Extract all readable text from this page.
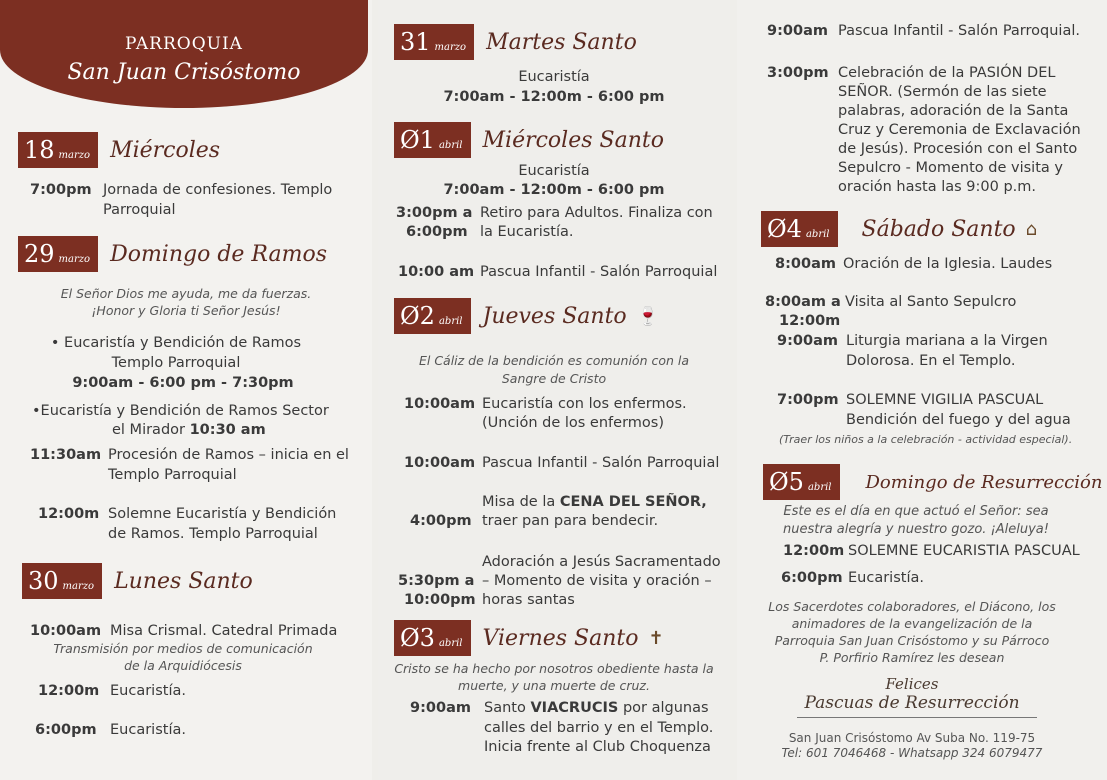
PARROQUIA
San Juan Crisóstomo
18 marzo Miércoles
7:00pm Jornada de confesiones. Templo
Parroquial
29 marzo Domingo de Ramos
El Señor Dios me ayuda, me da fuerzas.
¡Honor y Gloria ti Señor Jesús!
• Eucaristía y Bendición de Ramos
Templo Parroquial
9:00am - 6:00 pm - 7:30pm
•Eucaristía y Bendición de Ramos Sector
el Mirador 10:30 am
11:30am Procesión de Ramos – inicia en el
Templo Parroquial
12:00m Solemne Eucaristía y Bendición
de Ramos. Templo Parroquial
30 marzo Lunes Santo
10:00am Misa Crismal. Catedral Primada
Transmisión por medios de comunicación
de la Arquidiócesis
12:00m Eucaristía.
6:00pm Eucaristía.
31 marzo Martes Santo
Eucaristía
7:00am - 12:00m - 6:00 pm
Ø1 abril Miércoles Santo
Eucaristía
7:00am - 12:00m - 6:00 pm
3:00pm a
6:00pm
Retiro para Adultos. Finaliza con
la Eucaristía.
10:00 am Pascua Infantil - Salón Parroquial
Ø2 abril Jueves Santo 🍷
El Cáliz de la bendición es comunión con la
Sangre de Cristo
10:00am Eucaristía con los enfermos.
(Unción de los enfermos)
10:00am Pascua Infantil - Salón Parroquial
Misa de la CENA DEL SEÑOR,
4:00pm traer pan para bendecir.
Adoración a Jesús Sacramentado
5:30pm a – Momento de visita y oración –
10:00pm horas santas
Ø3 abril Viernes Santo ✝
Cristo se ha hecho por nosotros obediente hasta la
muerte, y una muerte de cruz.
9:00am Santo VIACRUCIS por algunas
calles del barrio y en el Templo.
Inicia frente al Club Choquenza
9:00am Pascua Infantil - Salón Parroquial.
3:00pm Celebración de la PASIÓN DEL
SEÑOR. (Sermón de las siete
palabras, adoración de la Santa
Cruz y Ceremonia de Exclavación
de Jesús). Procesión con el Santo
Sepulcro - Momento de visita y
oración hasta las 9:00 p.m.
Ø4 abril Sábado Santo ⌂
8:00am Oración de la Iglesia. Laudes
8:00am a Visita al Santo Sepulcro
12:00m
9:00am Liturgia mariana a la Virgen
Dolorosa. En el Templo.
7:00pm SOLEMNE VIGILIA PASCUAL
Bendición del fuego y del agua
(Traer los niños a la celebración - actividad especial).
Ø5 abril Domingo de Resurrección
Este es el día en que actuó el Señor: sea
nuestra alegría y nuestro gozo. ¡Aleluya!
12:00m SOLEMNE EUCARISTIA PASCUAL
6:00pm Eucaristía.
Los Sacerdotes colaboradores, el Diácono, los
animadores de la evangelización de la
Parroquia San Juan Crisóstomo y su Párroco
P. Porfirio Ramírez les desean
Felices
Pascuas de Resurrección
San Juan Crisóstomo Av Suba No. 119-75
Tel: 601 7046468 - Whatsapp 324 6079477
